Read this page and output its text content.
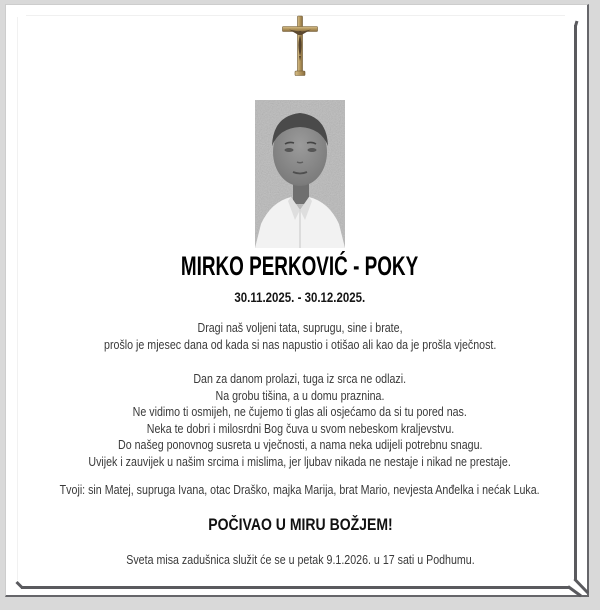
MIRKO PERKOVIĆ - POKY
30.11.2025. - 30.12.2025.
Dragi naš voljeni tata, suprugu, sine i brate,
prošlo je mjesec dana od kada si nas napustio i otišao ali kao da je prošla vječnost.
Dan za danom prolazi, tuga iz srca ne odlazi.
Na grobu tišina, a u domu praznina.
Ne vidimo ti osmijeh, ne čujemo ti glas ali osjećamo da si tu pored nas.
Neka te dobri i milosrdni Bog čuva u svom nebeskom kraljevstvu.
Do našeg ponovnog susreta u vječnosti, a nama neka udijeli potrebnu snagu.
Uvijek i zauvijek u našim srcima i mislima, jer ljubav nikada ne nestaje i nikad ne prestaje.
Tvoji: sin Matej, supruga Ivana, otac Draško, majka Marija, brat Mario, nevjesta Anđelka i nećak Luka.
POČIVAO U MIRU BOŽJEM!
Sveta misa zadušnica služit će se u petak 9.1.2026. u 17 sati u Podhumu.
